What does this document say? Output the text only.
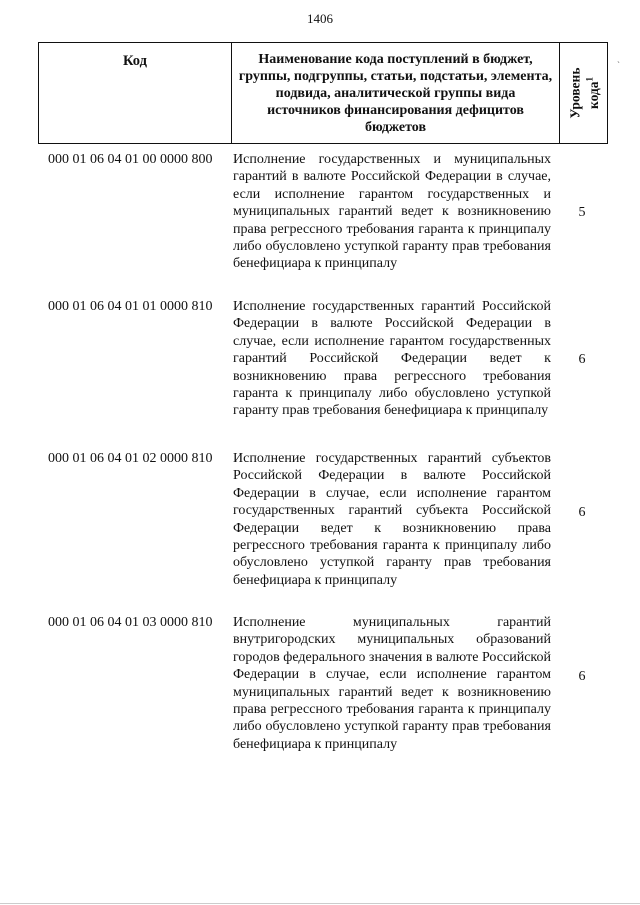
1406
ˋ
Код	Наименование кода поступлений в бюджет, группы, подгруппы, статьи, подстатьи, элемента, подвида, аналитической группы вида источников финансирования дефицитов бюджетов
Уровень
кода$^1$
000 01 06 04 01 00 0000 800 Исполнение государственных и муниципальных гарантий в валюте Российской Федерации в случае, если исполнение гарантом государственных и муниципальных гарантий ведет к возникновению права регрессного требования гаранта к принципалу либо обусловлено уступкой гаранту прав требования бенефициара к принципалу
5
000 01 06 04 01 01 0000 810 Исполнение государственных гарантий Российской Федерации в валюте Российской Федерации в случае, если исполнение гарантом государственных гарантий Российской Федерации ведет к возникновению права регрессного требования гаранта к принципалу либо обусловлено уступкой гаранту прав требования бенефициара к принципалу
6
000 01 06 04 01 02 0000 810 Исполнение государственных гарантий субъектов Российской Федерации в валюте Российской Федерации в случае, если исполнение гарантом государственных гарантий субъекта Российской Федерации ведет к возникновению права регрессного требования гаранта к принципалу либо обусловлено уступкой гаранту прав требования бенефициара к принципалу
6
000 01 06 04 01 03 0000 810 Исполнение муниципальных гарантий внутригородских муниципальных образований городов федерального значения в валюте Российской Федерации в случае, если исполнение гарантом муниципальных гарантий ведет к возникновению права регрессного требования гаранта к принципалу либо обусловлено уступкой гаранту прав требования бенефициара к принципалу
6
